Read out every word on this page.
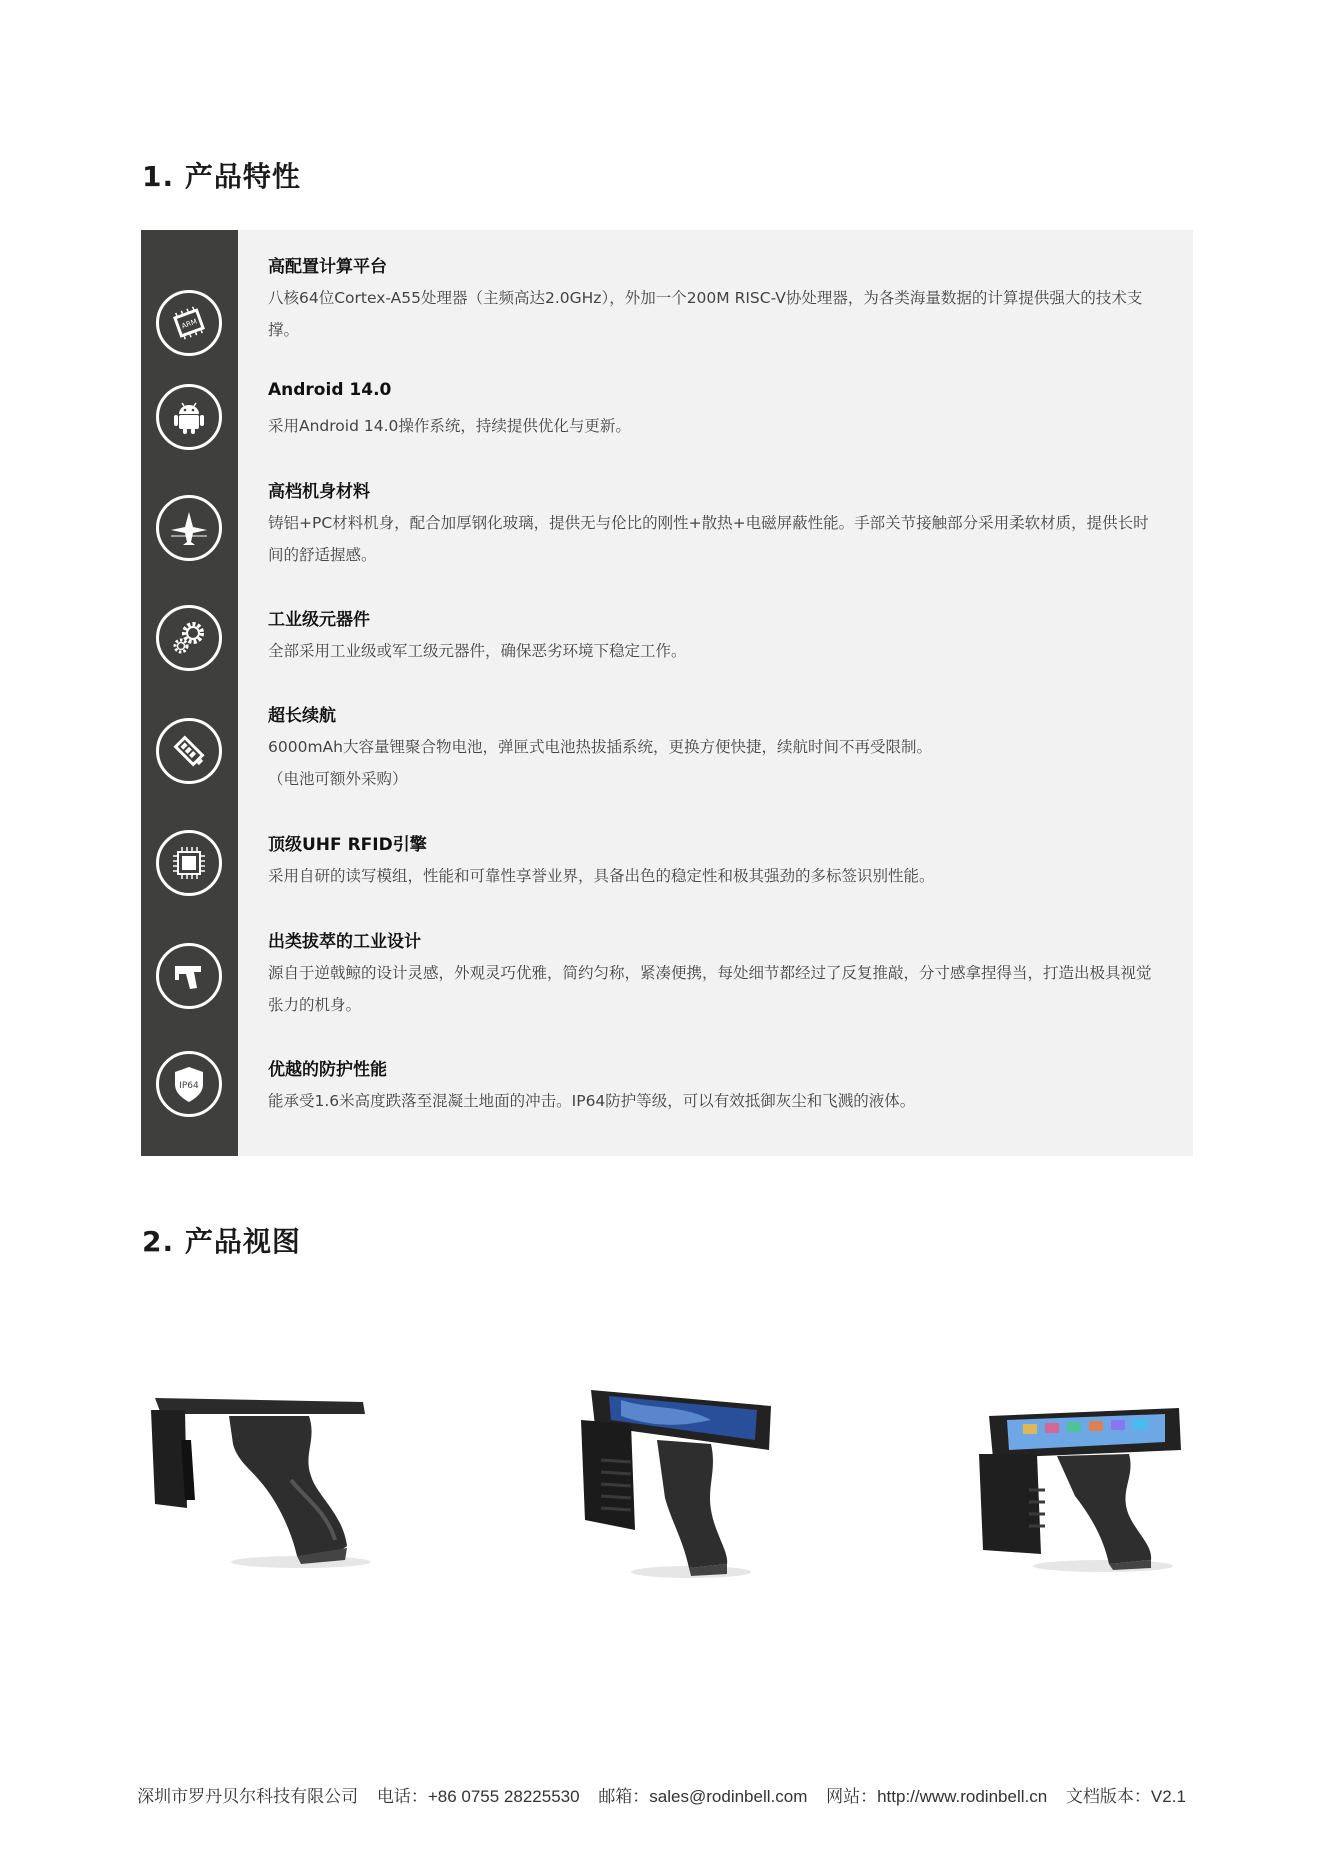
1. 产品特性
ARM
高配置计算平台

八核64位Cortex-A55处理器（主频高达2.0GHz），外加一个200M RISC-V协处理器，为各类海量数据的计算提供强大的技术支撑。

Android 14.0

采用Android 14.0操作系统，持续提供优化与更新。

高档机身材料

铸铝+PC材料机身，配合加厚钢化玻璃，提供无与伦比的刚性+散热+电磁屏蔽性能。手部关节接触部分采用柔软材质，提供长时间的舒适握感。

工业级元器件

全部采用工业级或军工级元器件，确保恶劣环境下稳定工作。

超长续航

6000mAh大容量锂聚合物电池，弹匣式电池热拔插系统，更换方便快捷，续航时间不再受限制。
（电池可额外采购）

顶级UHF RFID引擎

采用自研的读写模组，性能和可靠性享誉业界，具备出色的稳定性和极其强劲的多标签识别性能。

出类拔萃的工业设计

源自于逆戟鲸的设计灵感，外观灵巧优雅，简约匀称，紧凑便携，每处细节都经过了反复推敲，分寸感拿捏得当，打造出极具视觉张力的机身。

IP64
优越的防护性能

能承受1.6米高度跌落至混凝土地面的冲击。IP64防护等级，可以有效抵御灰尘和飞溅的液体。

2. 产品视图
深圳市罗丹贝尔科技有限公司 电话：+86 0755 28225530 邮箱：sales@rodinbell.com 网站：http://www.rodinbell.cn 文档版本：V2.1
